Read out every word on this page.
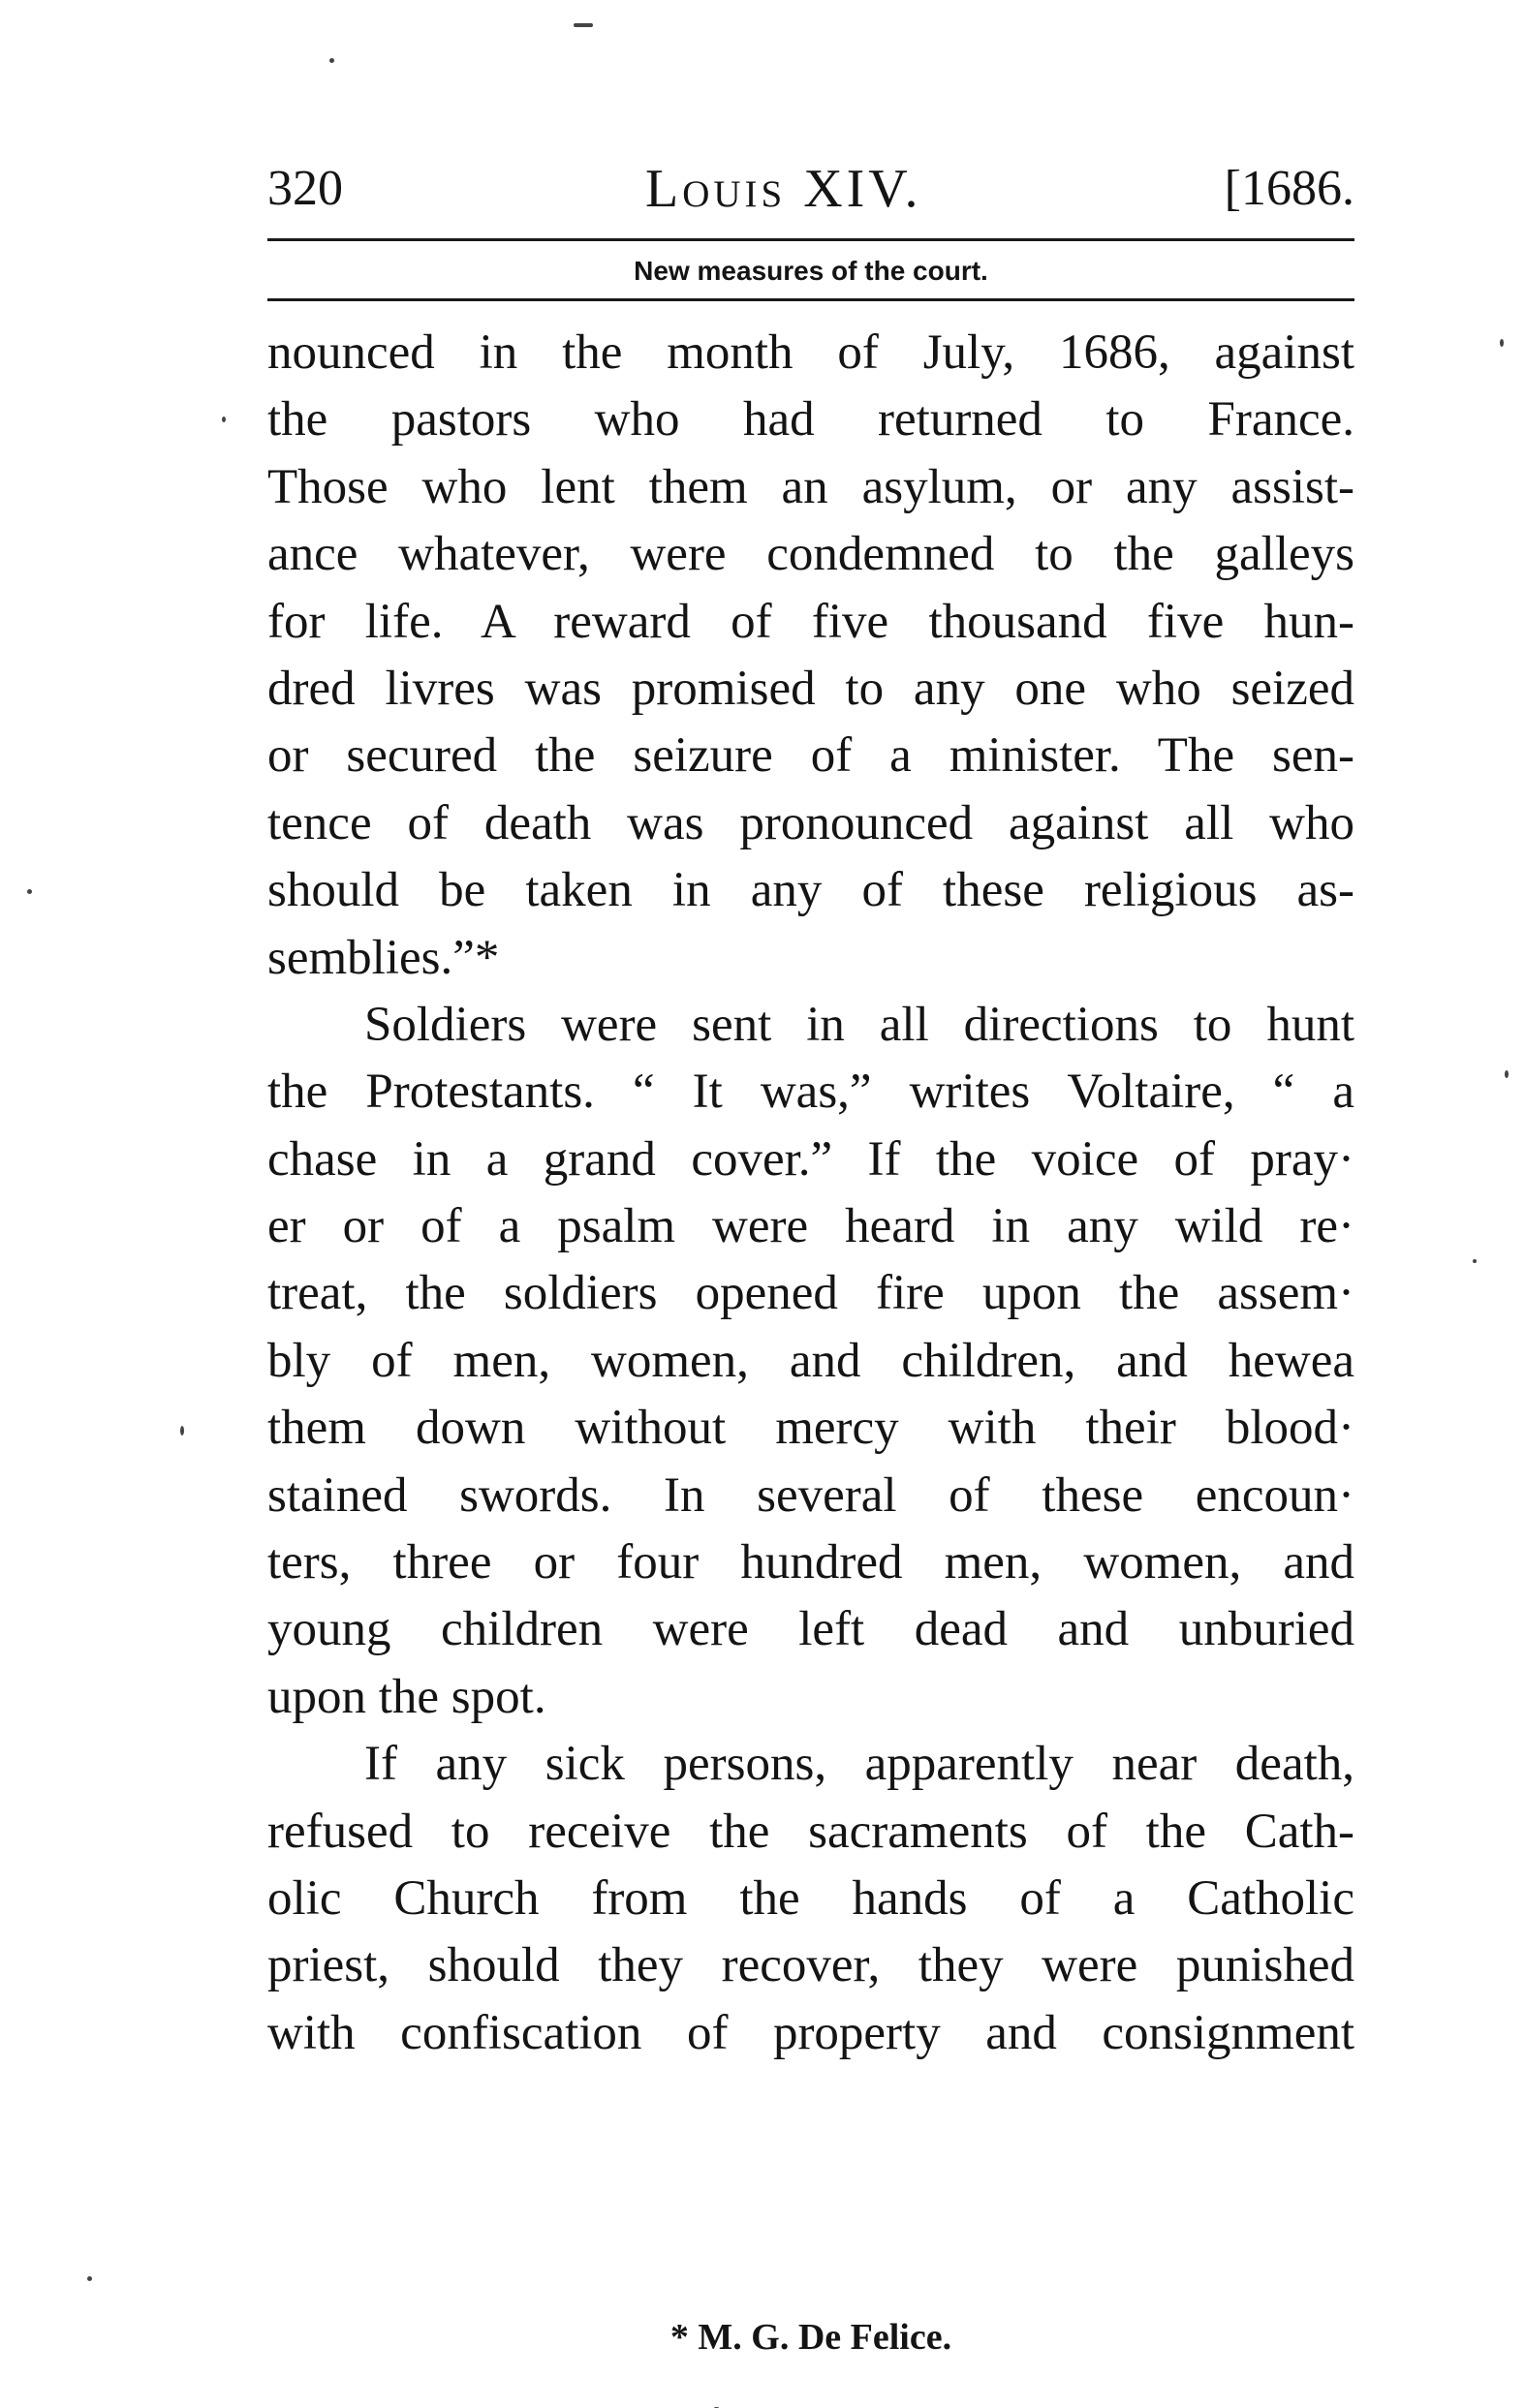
320	Louis XIV.	[1686.
New measures of the court.
nounced in the month of July, 1686, against
the pastors who had returned to France.
Those who lent them an asylum, or any assist-
ance whatever, were condemned to the galleys
for life. A reward of five thousand five hun-
dred livres was promised to any one who seized
or secured the seizure of a minister. The sen-
tence of death was pronounced against all who
should be taken in any of these religious as-
semblies.”*
Soldiers were sent in all directions to hunt
the Protestants. “ It was,” writes Voltaire, “ a
chase in a grand cover.” If the voice of pray·
er or of a psalm were heard in any wild re·
treat, the soldiers opened fire upon the assem·
bly of men, women, and children, and hewea
them down without mercy with their blood·
stained swords. In several of these encoun·
ters, three or four hundred men, women, and
young children were left dead and unburied
upon the spot.
If any sick persons, apparently near death,
refused to receive the sacraments of the Cath-
olic Church from the hands of a Catholic
priest, should they recover, they were punished
with confiscation of property and consignment
* M. G. De Felice.
